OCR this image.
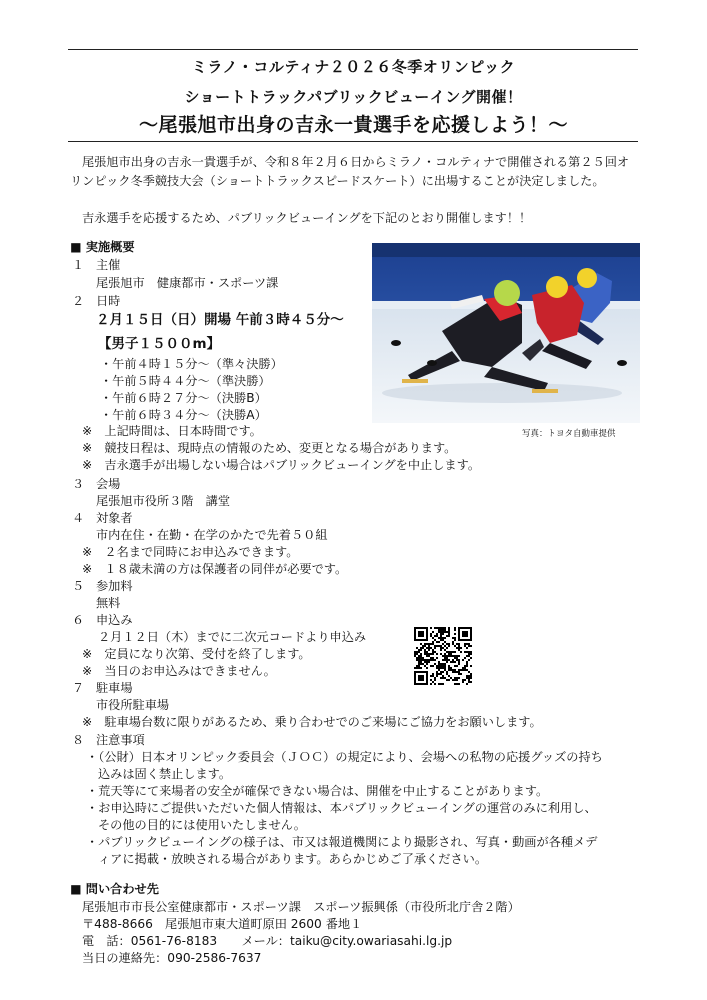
ミラノ・コルティナ２０２６冬季オリンピック
ショートトラックパブリックビューイング開催！
～尾張旭市出身の吉永一貴選手を応援しよう！～

尾張旭市出身の吉永一貴選手が、令和８年２月６日からミラノ・コルティナで開催される第２５回オリンピック冬季競技大会（ショートトラックスピードスケート）に出場することが決定しました。

吉永選手を応援するため、パブリックビューイングを下記のとおり開催します！！

■ 実施概要
１ 主催
尾張旭市　健康都市・スポーツ課
２ 日時
２月１５日（日）開場 午前３時４５分～
【男子１５００m】
・午前４時１５分～（準々決勝）
・午前５時４４分～（準決勝）
・午前６時２７分～（決勝B）
・午前６時３４分～（決勝A）
※　上記時間は、日本時間です。
※　競技日程は、現時点の情報のため、変更となる場合があります。
※　吉永選手が出場しない場合はパブリックビューイングを中止します。
写真：トヨタ自動車提供
３ 会場
尾張旭市役所３階　講堂
４ 対象者
市内在住・在勤・在学のかたで先着５０組
※　２名まで同時にお申込みできます。
※　１８歳未満の方は保護者の同伴が必要です。
５ 参加料
無料
６ 申込み
２月１２日（木）までに二次元コードより申込み
※　定員になり次第、受付を終了します。
※　当日のお申込みはできません。
７ 駐車場
市役所駐車場
※　駐車場台数に限りがあるため、乗り合わせでのご来場にご協力をお願いします。
８ 注意事項
・（公財）日本オリンピック委員会（ＪＯＣ）の規定により、会場への私物の応援グッズの持ち
込みは固く禁止します。
・荒天等にて来場者の安全が確保できない場合は、開催を中止することがあります。
・お申込時にご提供いただいた個人情報は、本パブリックビューイングの運営のみに利用し、
その他の目的には使用いたしません。
・パブリックビューイングの様子は、市又は報道機関により撮影され、写真・動画が各種メデ
ィアに掲載・放映される場合があります。あらかじめご了承ください。
■ 問い合わせ先
尾張旭市市長公室健康都市・スポーツ課　スポーツ振興係（市役所北庁舎２階）
〒488-8666　尾張旭市東大道町原田 2600 番地１
電　話：0561-76-8183　　メール：taiku@city.owariasahi.lg.jp
当日の連絡先：090-2586-7637
